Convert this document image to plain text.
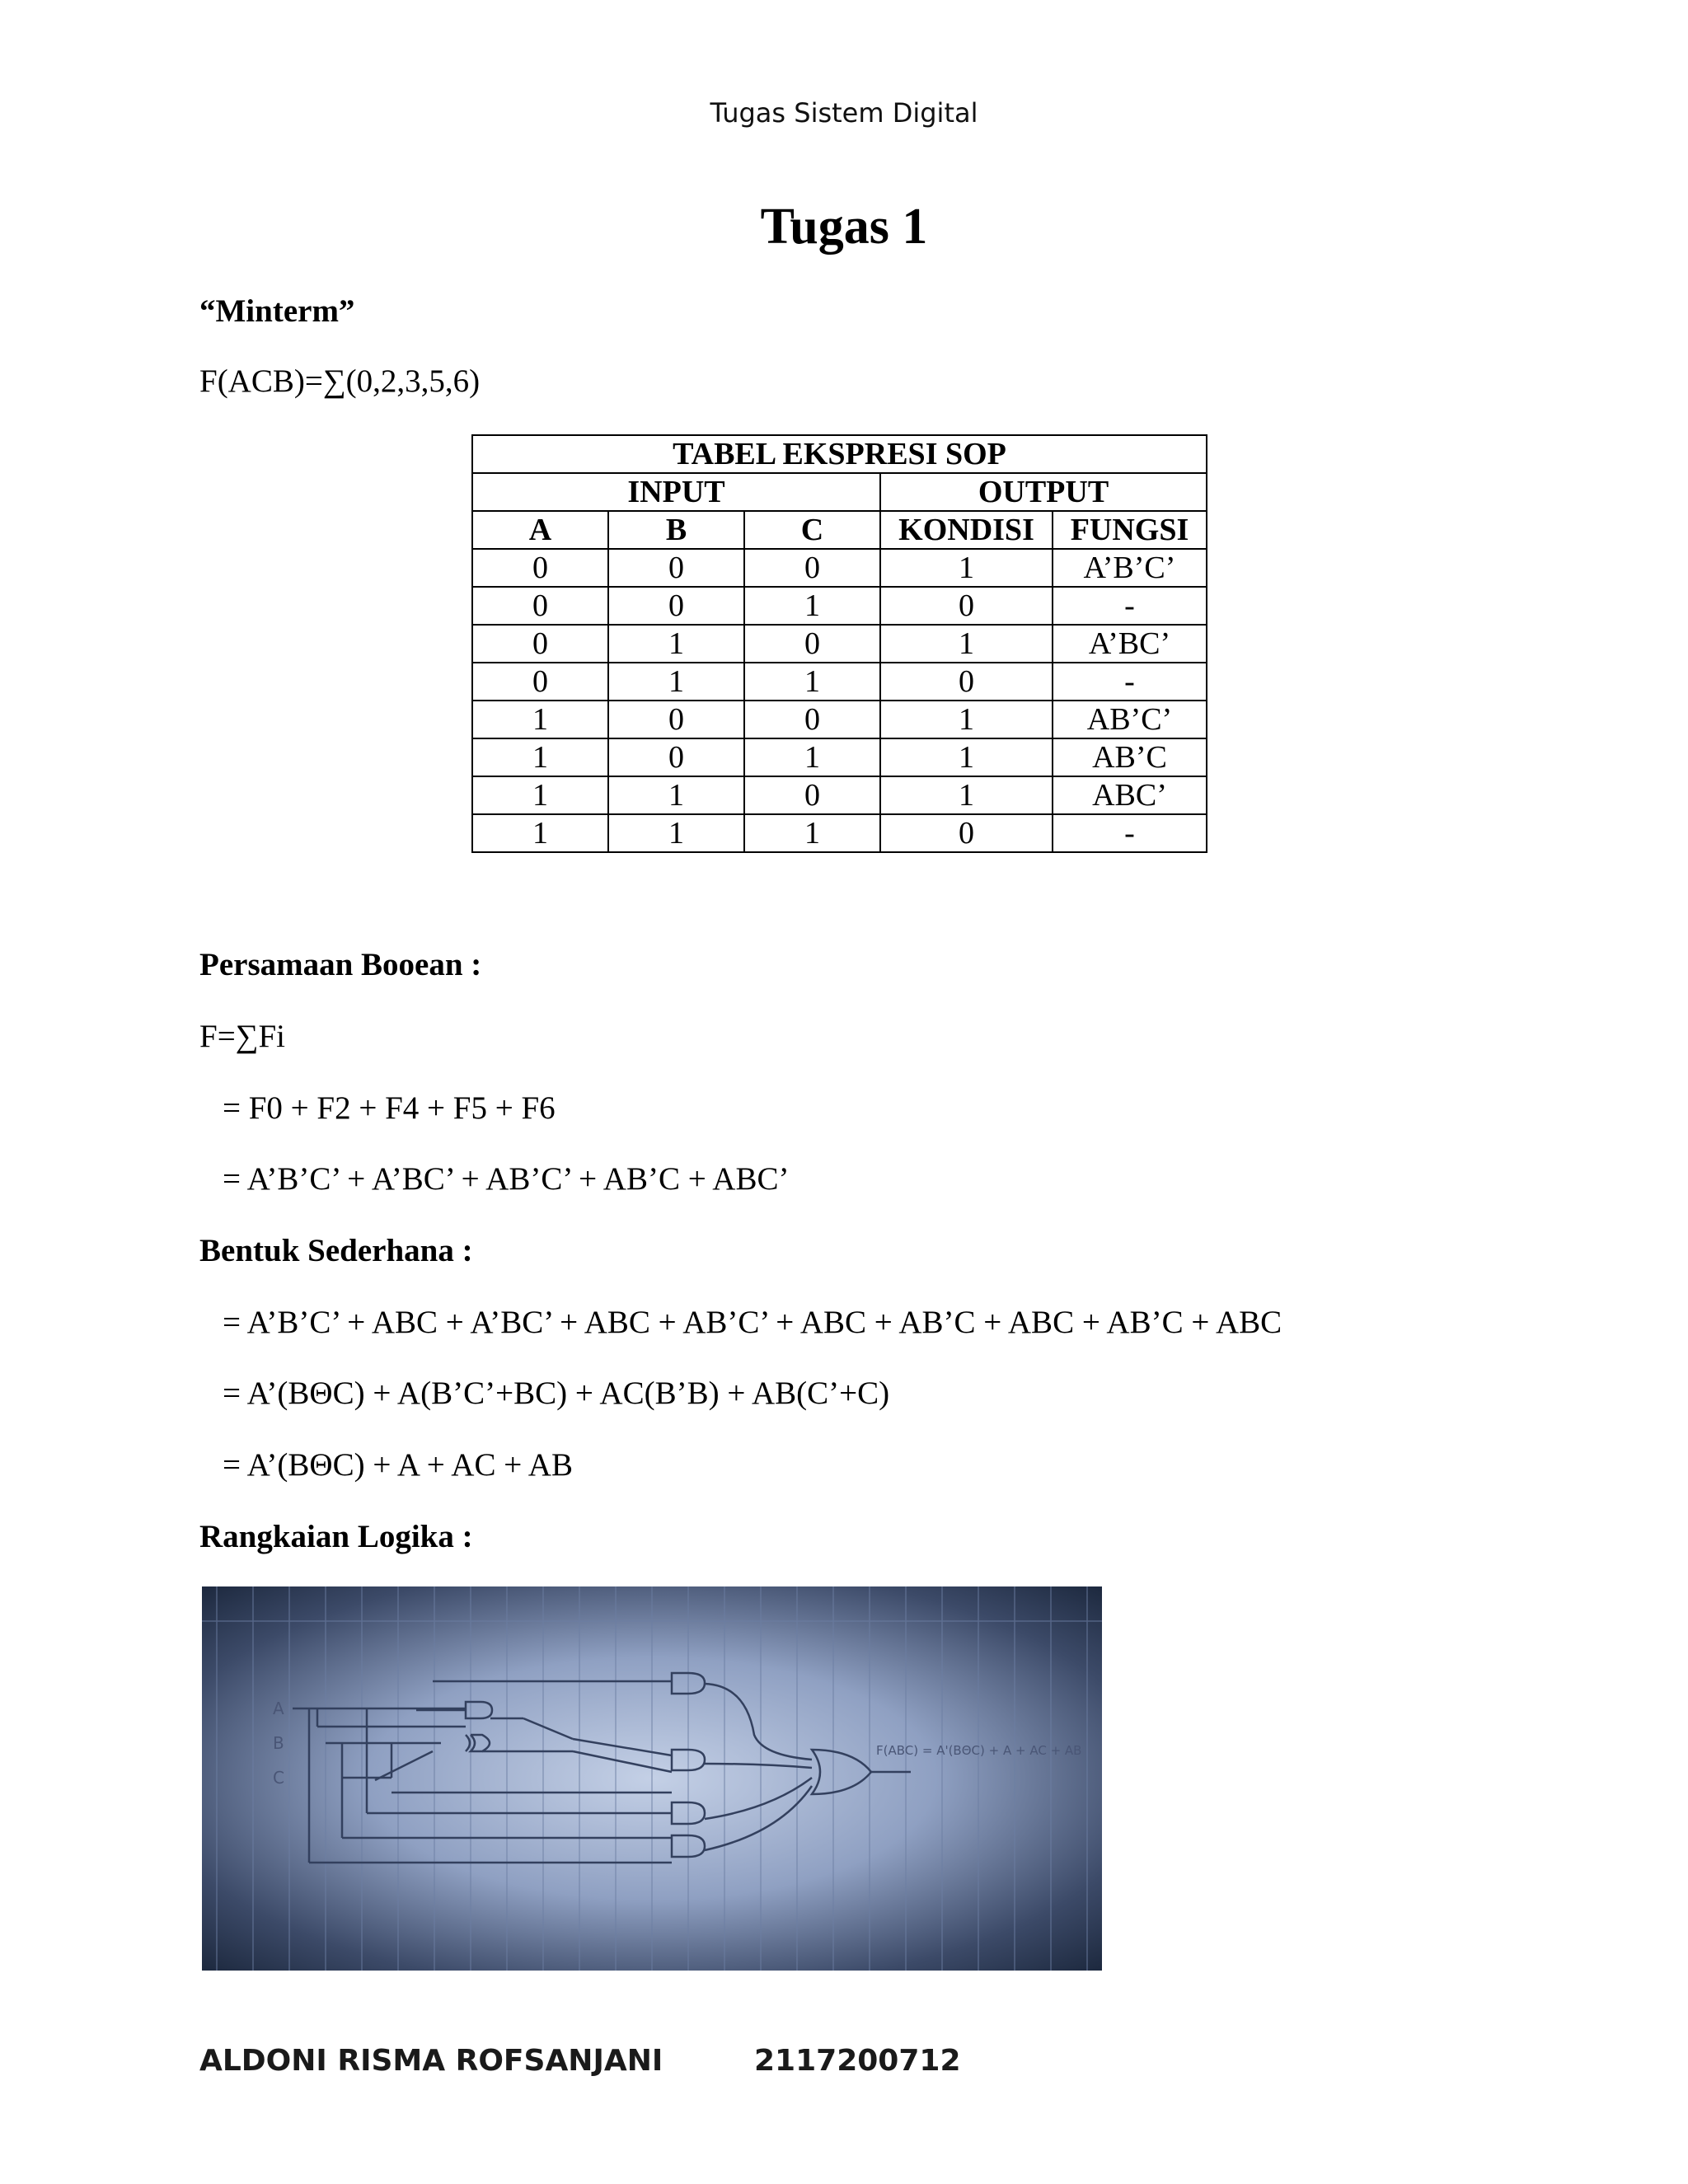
Tugas Sistem Digital
Tugas 1
“Minterm”
F(ACB)=∑(0,2,3,5,6)
TABEL EKSPRESI SOP				
INPUT			OUTPUT	
A	B	C	KONDISI	FUNGSI
0	0	0	1	A’B’C’
0	0	1	0	-
0	1	0	1	A’BC’
0	1	1	0	-
1	0	0	1	AB’C’
1	0	1	1	AB’C
1	1	0	1	ABC’
1	1	1	0	-
Persamaan Booean :
F=∑Fi
= F0 + F2 + F4 + F5 + F6
= A’B’C’ + A’BC’ + AB’C’ + AB’C + ABC’
Bentuk Sederhana :
= A’B’C’ + ABC + A’BC’ + ABC + AB’C’ + ABC + AB’C + ABC + AB’C + ABC
= A’(BΘC) + A(B’C’+BC) + AC(B’B) + AB(C’+C)
= A’(BΘC) + A + AC + AB
Rangkaian Logika :
A
B
C
F(ABC) = A'(BΘC) + A + AC + AB
ALDONI RISMA ROFSANJANI	2117200712
